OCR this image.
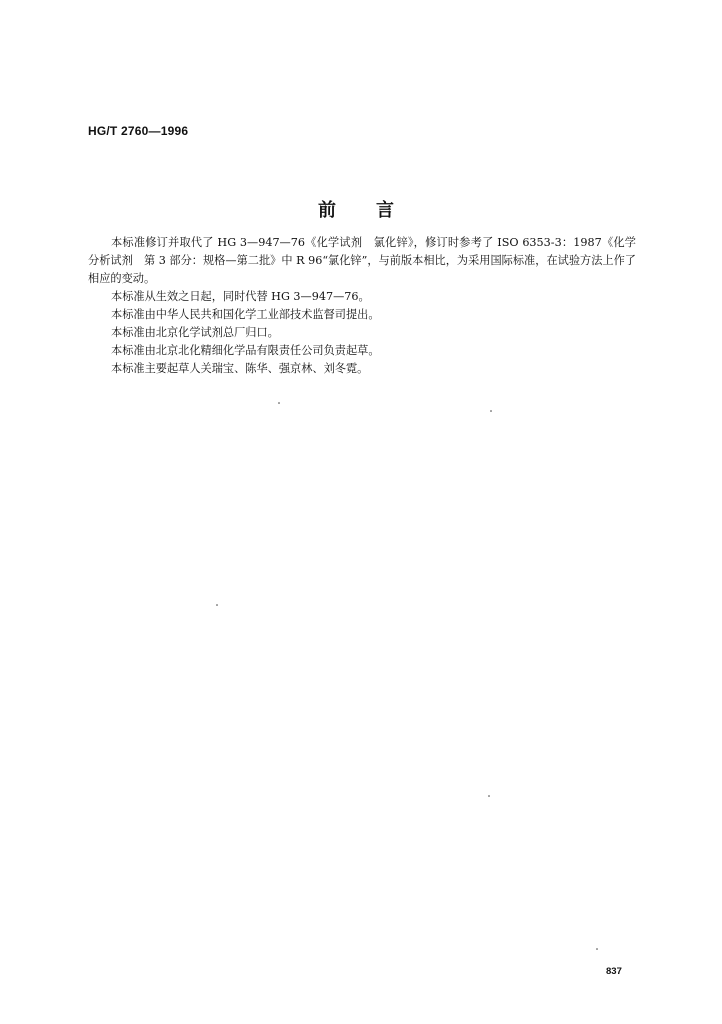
HG/T 2760—1996
前言

本标准修订并取代了 HG 3—947—76《化学试剂　氯化锌》，修订时参考了 ISO 6353-3：1987《化学分析试剂　第 3 部分：规格—第二批》中 R 96“氯化锌”，与前版本相比，为采用国际标准，在试验方法上作了相应的变动。

本标准从生效之日起，同时代替 HG 3—947—76。

本标准由中华人民共和国化学工业部技术监督司提出。

本标准由北京化学试剂总厂归口。

本标准由北京北化精细化学品有限责任公司负责起草。

本标准主要起草人关瑞宝、陈华、强京林、刘冬霓。

837
